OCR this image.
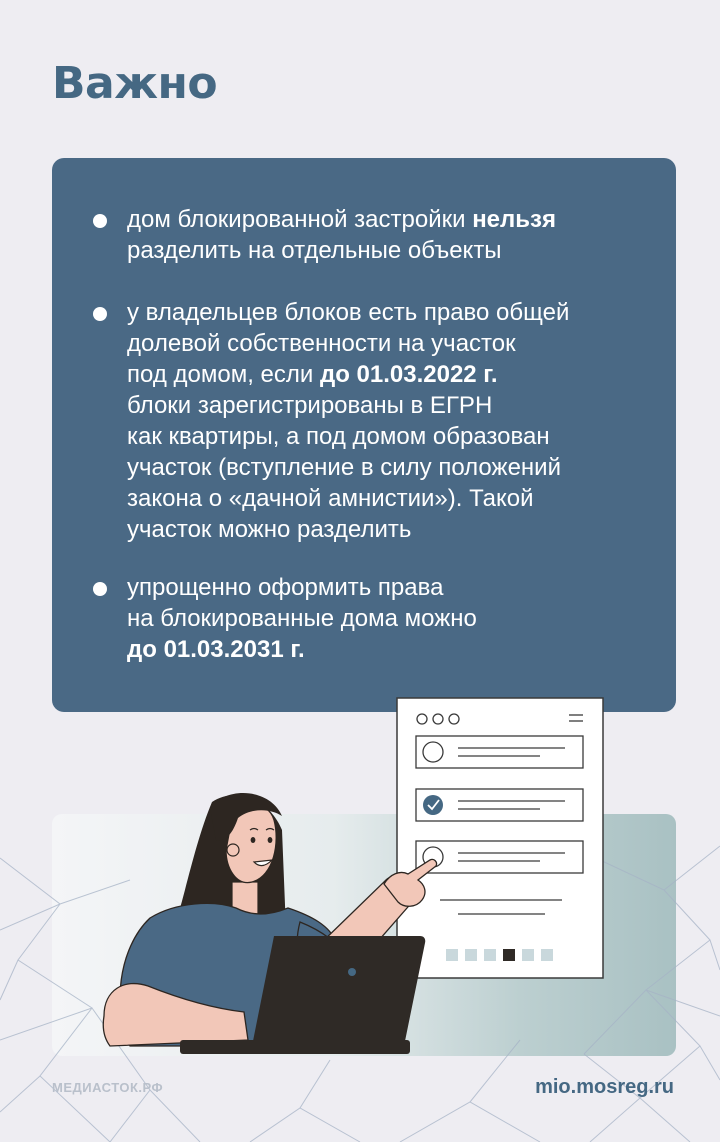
Важно
дом блокированной застройки нельзя
разделить на отдельные объекты
у владельцев блоков есть право общей
долевой собственности на участок
под домом, если до 01.03.2022 г.
блоки зарегистрированы в ЕГРН
как квартиры, а под домом образован
участок (вступление в силу положений
закона о «дачной амнистии»). Такой
участок можно разделить
упрощенно оформить права
на блокированные дома можно
до 01.03.2031 г.
МЕДИАСТОК.РФ	mio.mosreg.ru
